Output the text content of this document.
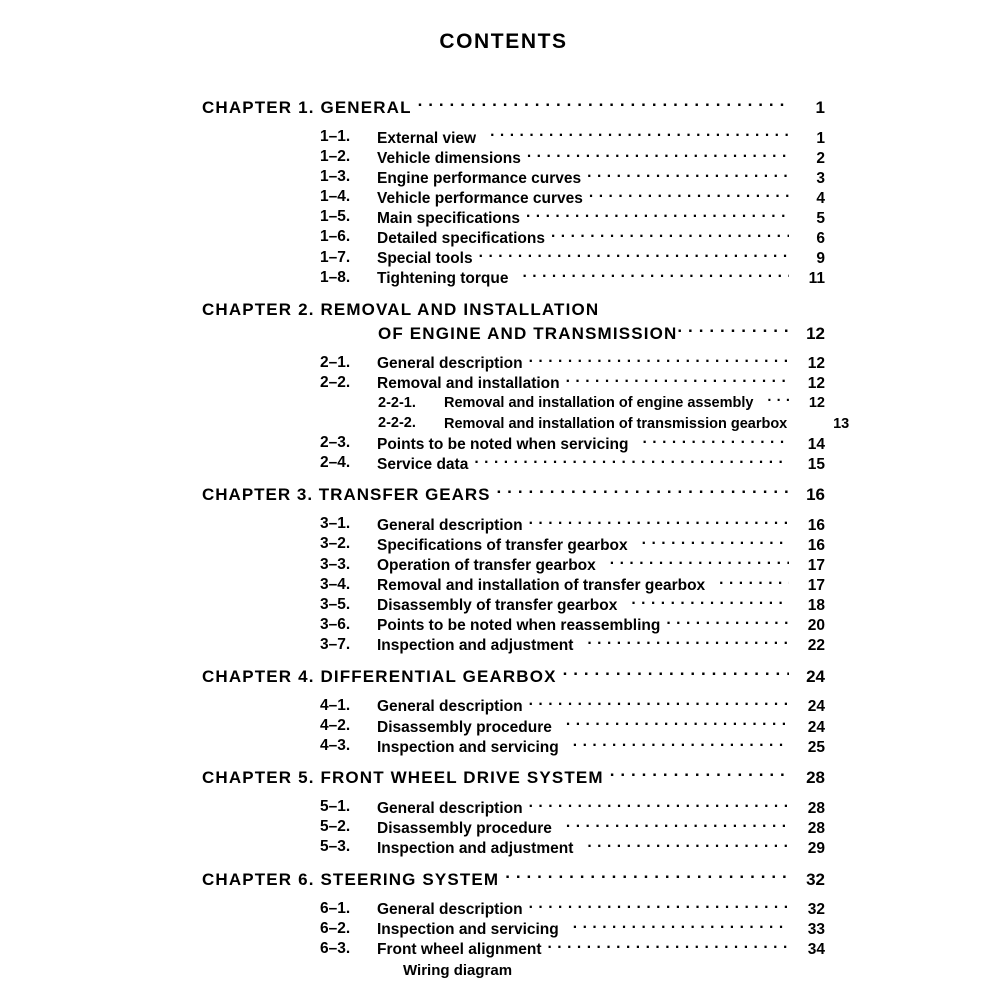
CONTENTS
CHAPTER 1. GENERAL . . .	1
1–1.	External view . . .	1
1–2.	Vehicle dimensions . . .	2
1–3.	Engine performance curves . . .	3
1–4.	Vehicle performance curves . . .	4
1–5.	Main specifications . . .	5
1–6.	Detailed specifications . . .	6
1–7.	Special tools . . .	9
1–8.	Tightening torque . . .	11
CHAPTER 2. REMOVAL AND INSTALLATION
OF ENGINE AND TRANSMISSION . . .	12
2–1.	General description . . .	12
2–2.	Removal and installation . . .	12
2-2-1.	Removal and installation of engine assembly . . .	12
2-2-2.	Removal and installation of transmission gearbox	13
2–3.	Points to be noted when servicing . . .	14
2–4.	Service data . . .	15
CHAPTER 3. TRANSFER GEARS . . .	16
3–1.	General description . . .	16
3–2.	Specifications of transfer gearbox . . .	16
3–3.	Operation of transfer gearbox . . .	17
3–4.	Removal and installation of transfer gearbox . . .	17
3–5.	Disassembly of transfer gearbox . . .	18
3–6.	Points to be noted when reassembling . . .	20
3–7.	Inspection and adjustment . . .	22
CHAPTER 4. DIFFERENTIAL GEARBOX . . .	24
4–1.	General description . . .	24
4–2.	Disassembly procedure . . .	24
4–3.	Inspection and servicing . . .	25
CHAPTER 5. FRONT WHEEL DRIVE SYSTEM . . .	28
5–1.	General description . . .	28
5–2.	Disassembly procedure . . .	28
5–3.	Inspection and adjustment . . .	29
CHAPTER 6. STEERING SYSTEM . . .	32
6–1.	General description . . .	32
6–2.	Inspection and servicing . . .	33
6–3.	Front wheel alignment . . .	34
Wiring diagram
